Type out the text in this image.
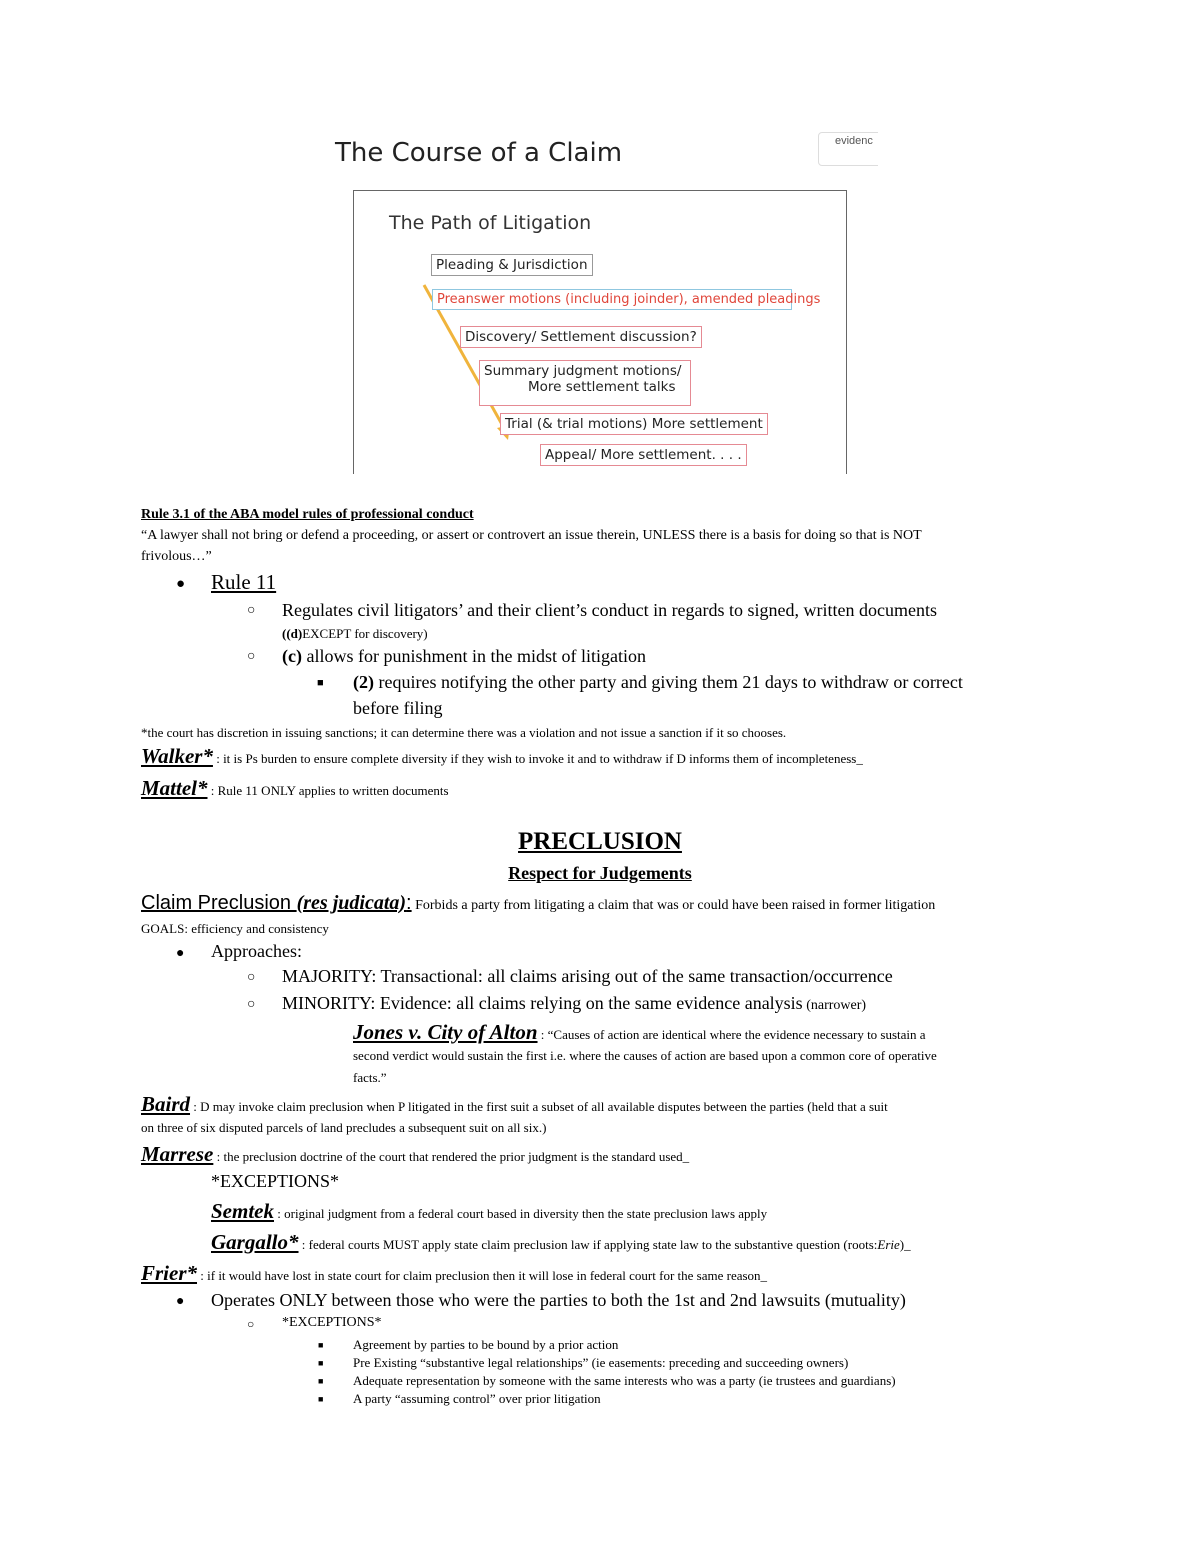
The Course of a Claim	evidenc
The Path of Litigation
Pleading & Jurisdiction
Preanswer motions (including joinder), amended pleadings
Discovery/ Settlement discussion?
Summary judgment motions/
More settlement talks
Trial (& trial motions) More settlement
Appeal/ More settlement. . . .
Rule 3.1 of the ABA model rules of professional conduct
“A lawyer shall not bring or defend a proceeding, or assert or controvert an issue therein, UNLESS there is a basis for doing so that is NOT
frivolous…”
● Rule 11
○ Regulates civil litigators’ and their client’s conduct in regards to signed, written documents
((d)EXCEPT for discovery)
○ (c) allows for punishment in the midst of litigation
■ (2) requires notifying the other party and giving them 21 days to withdraw or correct
before filing
*the court has discretion in issuing sanctions; it can determine there was a violation and not issue a sanction if it so chooses.
Walker* : it is Ps burden to ensure complete diversity if they wish to invoke it and to withdraw if D informs them of incompleteness_
Mattel* : Rule 11 ONLY applies to written documents
PRECLUSION
Respect for Judgements
Claim Preclusion (res judicata): Forbids a party from litigating a claim that was or could have been raised in former litigation
GOALS: efficiency and consistency
● Approaches:
○ MAJORITY: Transactional: all claims arising out of the same transaction/occurrence
○ MINORITY: Evidence: all claims relying on the same evidence analysis (narrower)
Jones v. City of Alton : “Causes of action are identical where the evidence necessary to sustain a
second verdict would sustain the first i.e. where the causes of action are based upon a common core of operative
facts.”
Baird : D may invoke claim preclusion when P litigated in the first suit a subset of all available disputes between the parties (held that a suit
on three of six disputed parcels of land precludes a subsequent suit on all six.)
Marrese : the preclusion doctrine of the court that rendered the prior judgment is the standard used_
*EXCEPTIONS*
Semtek : original judgment from a federal court based in diversity then the state preclusion laws apply
Gargallo* : federal courts MUST apply state claim preclusion law if applying state law to the substantive question (roots:Erie)_
Frier* : if it would have lost in state court for claim preclusion then it will lose in federal court for the same reason_
● Operates ONLY between those who were the parties to both the 1st and 2nd lawsuits (mutuality)
○ *EXCEPTIONS*
■ Agreement by parties to be bound by a prior action
■ Pre Existing “substantive legal relationships” (ie easements: preceding and succeeding owners)
■ Adequate representation by someone with the same interests who was a party (ie trustees and guardians)
■ A party “assuming control” over prior litigation
